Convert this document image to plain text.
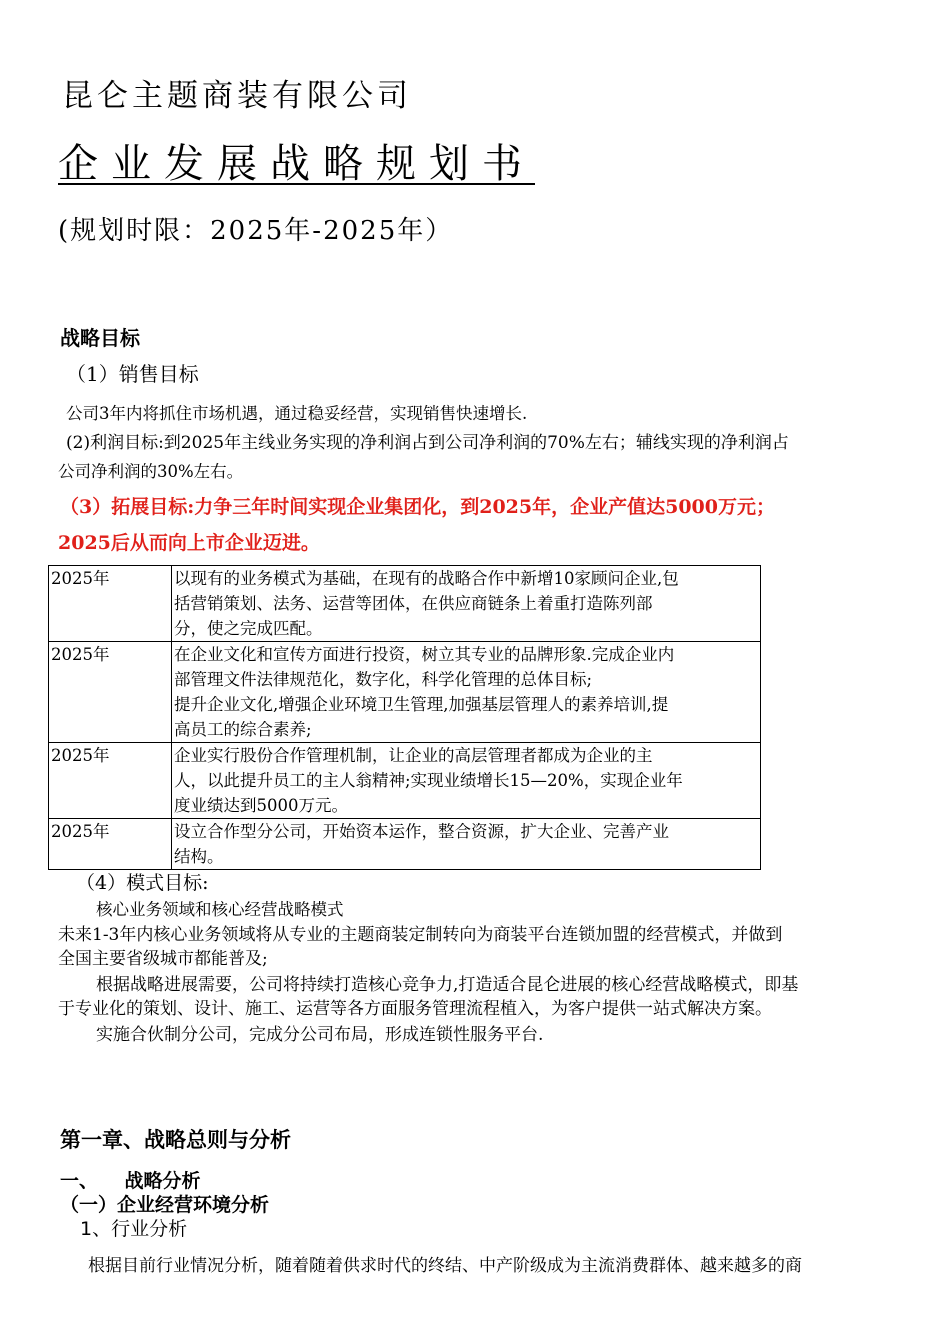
昆仑主题商装有限公司
企业发展战略规划书
(规划时限：2025年-2025年）
战略目标
（1）销售目标
公司3年内将抓住市场机遇，通过稳妥经营，实现销售快速增长.
(2)利润目标:到2025年主线业务实现的净利润占到公司净利润的70%左右；辅线实现的净利润占
公司净利润的30%左右。
（3）拓展目标:力争三年时间实现企业集团化，到2025年，企业产值达5000万元；
2025后从而向上市企业迈进。
2025年	以现有的业务模式为基础，在现有的战略合作中新增10家顾问企业,包
括营销策划、法务、运营等团体，在供应商链条上着重打造陈列部
分，使之完成匹配。

2025年	在企业文化和宣传方面进行投资，树立其专业的品牌形象.完成企业内
部管理文件法律规范化，数字化，科学化管理的总体目标;
提升企业文化,增强企业环境卫生管理,加强基层管理人的素养培训,提
高员工的综合素养;

2025年	企业实行股份合作管理机制，让企业的高层管理者都成为企业的主
人，以此提升员工的主人翁精神;实现业绩增长15—20%，实现企业年
度业绩达到5000万元。

2025年	设立合作型分公司，开始资本运作，整合资源，扩大企业、完善产业
结构。
（4）模式目标:
核心业务领域和核心经营战略模式
未来1-3年内核心业务领域将从专业的主题商装定制转向为商装平台连锁加盟的经营模式，并做到
全国主要省级城市都能普及;
根据战略进展需要，公司将持续打造核心竞争力,打造适合昆仑进展的核心经营战略模式，即基
于专业化的策划、设计、施工、运营等各方面服务管理流程植入，为客户提供一站式解决方案。
实施合伙制分公司，完成分公司布局，形成连锁性服务平台.
第一章、战略总则与分析
一、    战略分析
（一）企业经营环境分析
1、行业分析
根据目前行业情况分析，随着随着供求时代的终结、中产阶级成为主流消费群体、越来越多的商
